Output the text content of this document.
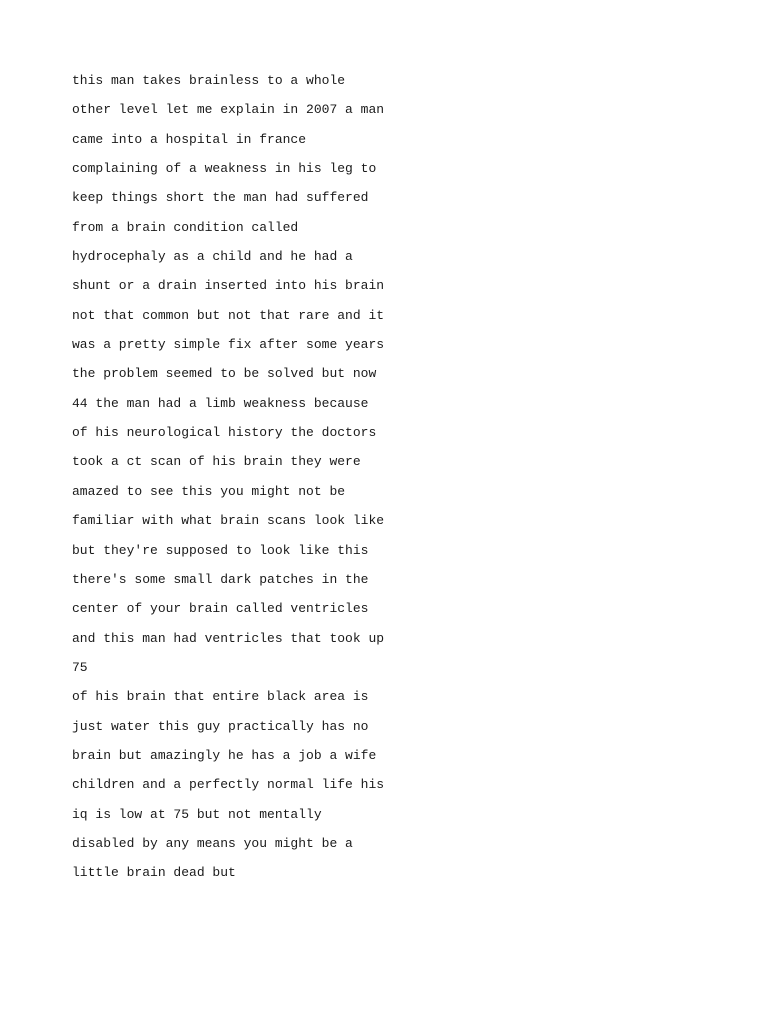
this man takes brainless to a whole
other level let me explain in 2007 a man
came into a hospital in france
complaining of a weakness in his leg to
keep things short the man had suffered
from a brain condition called
hydrocephaly as a child and he had a
shunt or a drain inserted into his brain
not that common but not that rare and it
was a pretty simple fix after some years
the problem seemed to be solved but now
44 the man had a limb weakness because
of his neurological history the doctors
took a ct scan of his brain they were
amazed to see this you might not be
familiar with what brain scans look like
but they're supposed to look like this
there's some small dark patches in the
center of your brain called ventricles
and this man had ventricles that took up
75
of his brain that entire black area is
just water this guy practically has no
brain but amazingly he has a job a wife
children and a perfectly normal life his
iq is low at 75 but not mentally
disabled by any means you might be a
little brain dead but
